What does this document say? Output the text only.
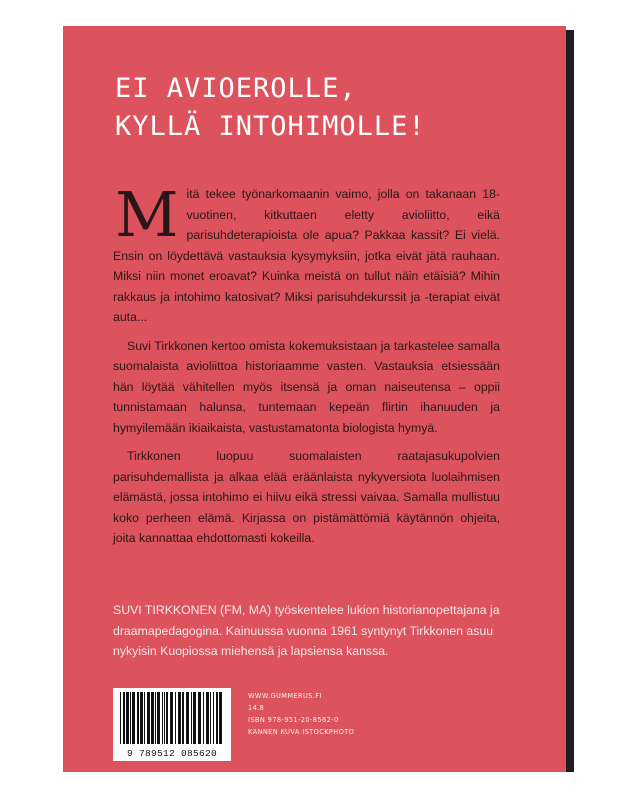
EI AVIOEROLLE,
KYLLÄ INTOHIMOLLE!

Mitä tekee työnarkomaanin vaimo, jolla on takanaan 18-vuotinen, kitkuttaen eletty avioliitto, eikä parisuhdeterapioista ole apua? Pakkaa kassit? Ei vielä. Ensin on löydettävä vastauksia kysymyksiin, jotka eivät jätä rauhaan. Miksi niin monet eroavat? Kuinka meistä on tullut näin etäisiä? Mihin rakkaus ja intohimo katosivat? Miksi parisuhdekurssit ja -terapiat eivät auta...

Suvi Tirkkonen kertoo omista kokemuksistaan ja tarkastelee samalla suomalaista avioliittoa historiaamme vasten. Vastauksia etsiessään hän löytää vähitellen myös itsensä ja oman naiseutensa – oppii tunnistamaan halunsa, tuntemaan kepeän flirtin ihanuuden ja hymyilemään ikiaikaista, vastustamatonta biologista hymyä.

Tirkkonen luopuu suomalaisten raatajasukupolvien parisuhdemallista ja alkaa elää eräänlaista nykyversiota luolaihmisen elämästä, jossa intohimo ei hiivu eikä stressi vaivaa. Samalla mullistuu koko perheen elämä. Kirjassa on pistämättömiä käytännön ohjeita, joita kannattaa ehdottomasti kokeilla.

SUVI TIRKKONEN (FM, MA) työskentelee lukion historianopettajana ja draamapedagogina. Kainuussa vuonna 1961 syntynyt Tirkkonen asuu nykyisin Kuopiossa miehensä ja lapsiensa kanssa.

9 789512 085620
WWW.GUMMERUS.FI
14.8
ISBN 978-951-20-8562-0
KANNEN KUVA ISTOCKPHOTO
